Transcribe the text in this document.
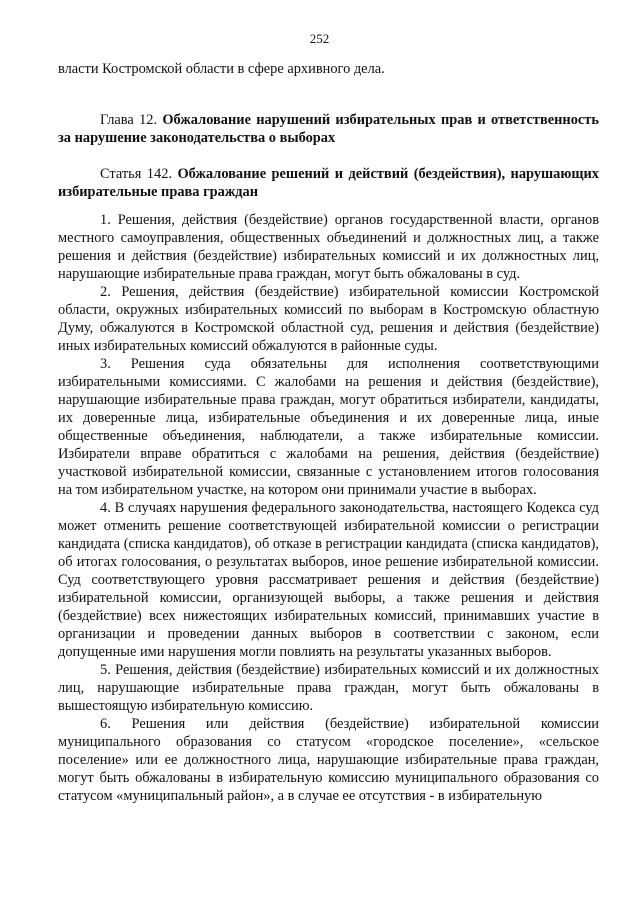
252

власти Костромской области в сфере архивного дела.

Глава 12. Обжалование нарушений избирательных прав и ответственность за нарушение законодательства о выборах

Статья 142. Обжалование решений и действий (бездействия), нарушающих избирательные права граждан

1. Решения, действия (бездействие) органов государственной власти, органов местного самоуправления, общественных объединений и должностных лиц, а также решения и действия (бездействие) избирательных комиссий и их должностных лиц, нарушающие избирательные права граждан, могут быть обжалованы в суд.

2. Решения, действия (бездействие) избирательной комиссии Костромской области, окружных избирательных комиссий по выборам в Костромскую областную Думу, обжалуются в Костромской областной суд, решения и действия (бездействие) иных избирательных комиссий обжалуются в районные суды.

3. Решения суда обязательны для исполнения соответствующими избирательными комиссиями. С жалобами на решения и действия (бездействие), нарушающие избирательные права граждан, могут обратиться избиратели, кандидаты, их доверенные лица, избирательные объединения и их доверенные лица, иные общественные объединения, наблюдатели, а также избирательные комиссии. Избиратели вправе обратиться с жалобами на решения, действия (бездействие) участковой избирательной комиссии, связанные с установлением итогов голосования на том избирательном участке, на котором они принимали участие в выборах.

4. В случаях нарушения федерального законодательства, настоящего Кодекса суд может отменить решение соответствующей избирательной комиссии о регистрации кандидата (списка кандидатов), об отказе в регистрации кандидата (списка кандидатов), об итогах голосования, о результатах выборов, иное решение избирательной комиссии. Суд соответствующего уровня рассматривает решения и действия (бездействие) избирательной комиссии, организующей выборы, а также решения и действия (бездействие) всех нижестоящих избирательных комиссий, принимавших участие в организации и проведении данных выборов в соответствии с законом, если допущенные ими нарушения могли повлиять на результаты указанных выборов.

5. Решения, действия (бездействие) избирательных комиссий и их должностных лиц, нарушающие избирательные права граждан, могут быть обжалованы в вышестоящую избирательную комиссию.

6. Решения или действия (бездействие) избирательной комиссии муниципального образования со статусом «городское поселение», «сельское поселение» или ее должностного лица, нарушающие избирательные права граждан, могут быть обжалованы в избирательную комиссию муниципального образования со статусом «муниципальный район», а в случае ее отсутствия - в избирательную
